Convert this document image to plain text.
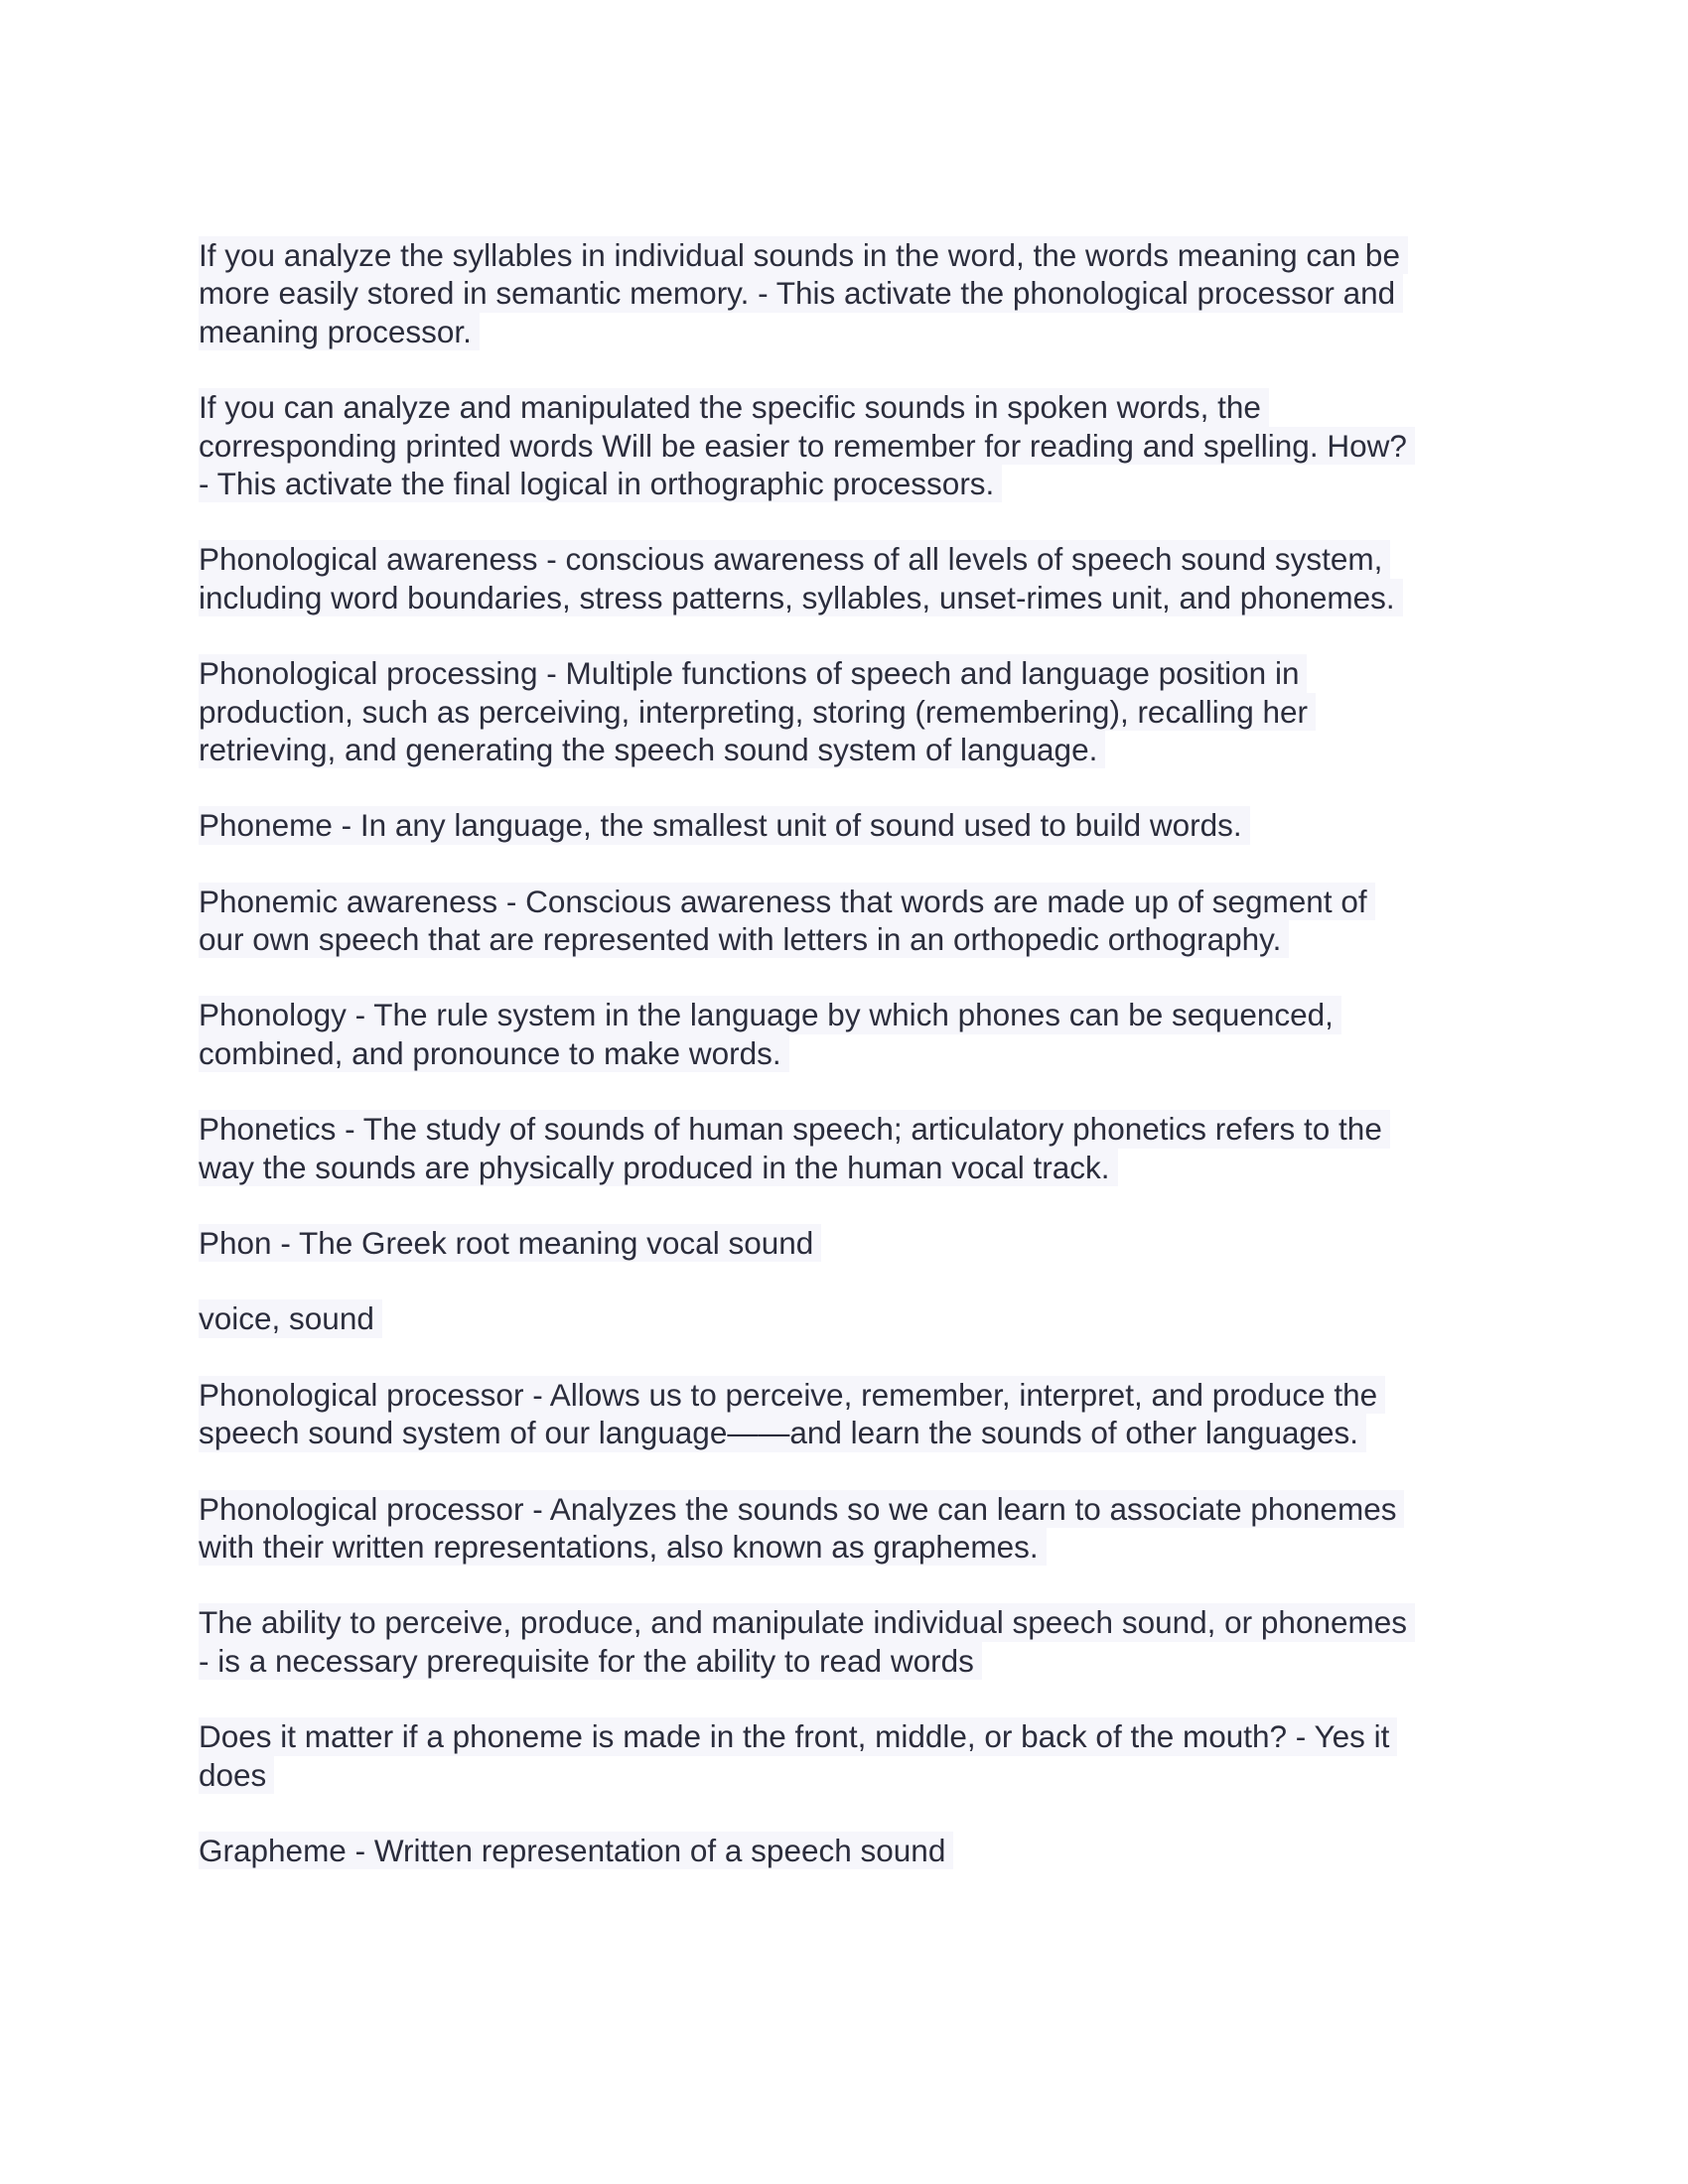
If you analyze the syllables in individual sounds in the word, the words meaning can be
more easily stored in semantic memory. - This activate the phonological processor and
meaning processor.
If you can analyze and manipulated the specific sounds in spoken words, the
corresponding printed words Will be easier to remember for reading and spelling. How?
- This activate the final logical in orthographic processors.
Phonological awareness - conscious awareness of all levels of speech sound system,
including word boundaries, stress patterns, syllables, unset-rimes unit, and phonemes.
Phonological processing - Multiple functions of speech and language position in
production, such as perceiving, interpreting, storing (remembering), recalling her
retrieving, and generating the speech sound system of language.
Phoneme - In any language, the smallest unit of sound used to build words.
Phonemic awareness - Conscious awareness that words are made up of segment of
our own speech that are represented with letters in an orthopedic orthography.
Phonology - The rule system in the language by which phones can be sequenced,
combined, and pronounce to make words.
Phonetics - The study of sounds of human speech; articulatory phonetics refers to the
way the sounds are physically produced in the human vocal track.
Phon - The Greek root meaning vocal sound
voice, sound
Phonological processor - Allows us to perceive, remember, interpret, and produce the
speech sound system of our language——and learn the sounds of other languages.
Phonological processor - Analyzes the sounds so we can learn to associate phonemes
with their written representations, also known as graphemes.
The ability to perceive, produce, and manipulate individual speech sound, or phonemes
- is a necessary prerequisite for the ability to read words
Does it matter if a phoneme is made in the front, middle, or back of the mouth? - Yes it
does
Grapheme - Written representation of a speech sound
